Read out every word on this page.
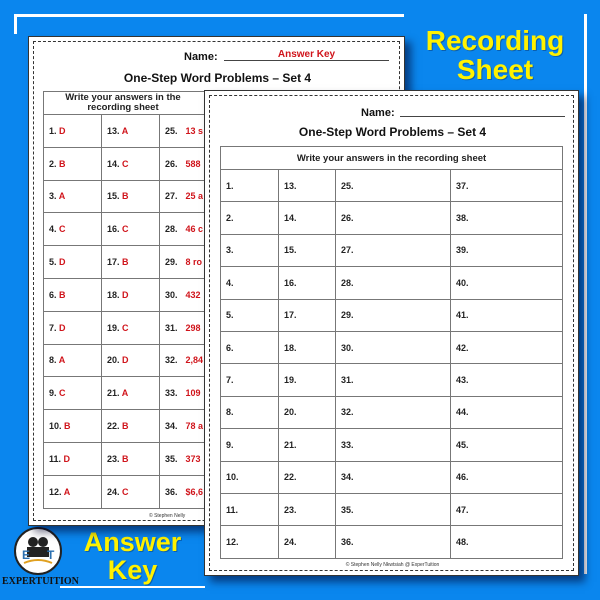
Recording Sheet
Answer Key
E T
EXPERTUITION
Name:	Answer Key
One-Step Word Problems – Set 4
Write your answers in the recording sheet			

1. D	13. A	25. 13 s	
2. B	14. C	26. 588	
3. A	15. B	27. 25 a	
4. C	16. C	28. 46 c	
5. D	17. B	29. 8 ro	
6. B	18. D	30. 432	
7. D	19. C	31. 298	
8. A	20. D	32. 2,84	
9. C	21. A	33. 109	
10. B	22. B	34. 78 a	
11. D	23. B	35. 373	
12. A	24. C	36. $6,6	
© Stephen Nelly
Name:
One-Step Word Problems – Set 4
Write your answers in the recording sheet			
1.	13.	25.	37.
2.	14.	26.	38.
3.	15.	27.	39.
4.	16.	28.	40.
5.	17.	29.	41.
6.	18.	30.	42.
7.	19.	31.	43.
8.	20.	32.	44.
9.	21.	33.	45.
10.	22.	34.	46.
11.	23.	35.	47.
12.	24.	36.	48.
© Stephen Nelly Nkwtsiah @ ExperTuition
